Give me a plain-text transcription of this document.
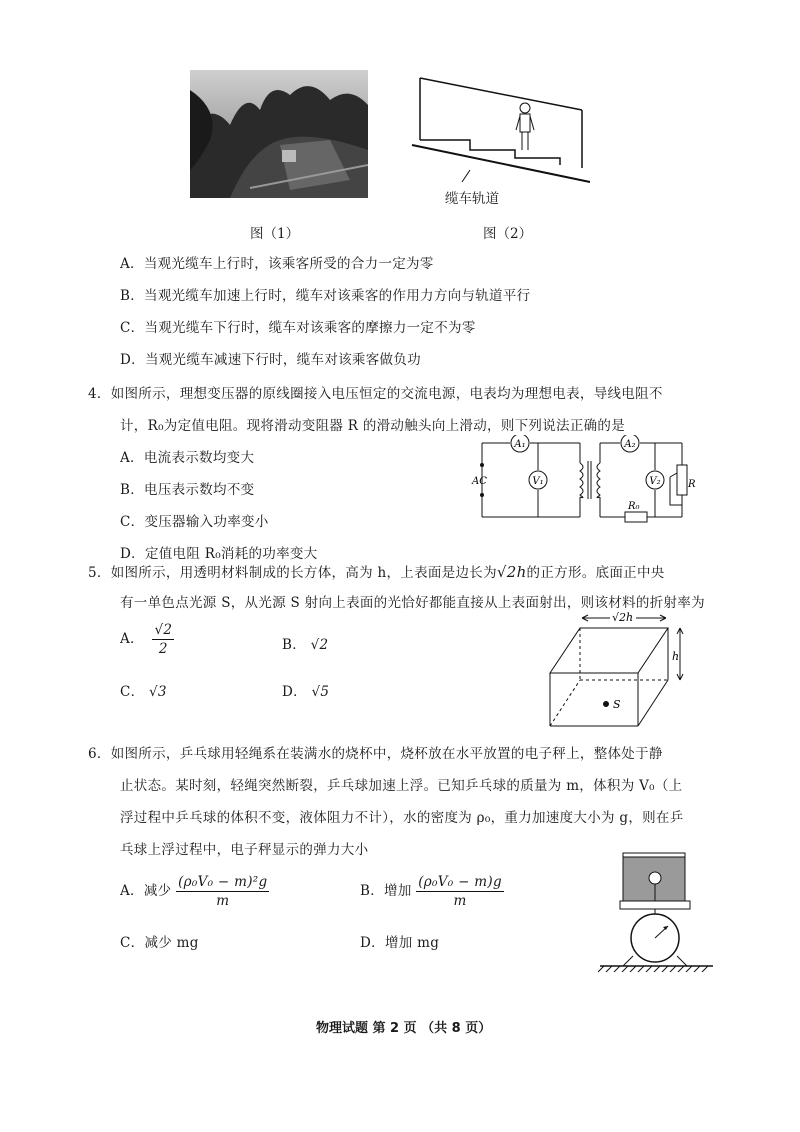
图（1）
缆车轨道
图（2）
A．当观光缆车上行时，该乘客所受的合力一定为零
B．当观光缆车加速上行时，缆车对该乘客的作用力方向与轨道平行
C．当观光缆车下行时，缆车对该乘客的摩擦力一定不为零
D．当观光缆车减速下行时，缆车对该乘客做负功
4．如图所示，理想变压器的原线圈接入电压恒定的交流电源，电表均为理想电表，导线电阻不
计，R₀为定值电阻。现将滑动变阻器 R 的滑动触头向上滑动，则下列说法正确的是
A．电流表示数均变大
B．电压表示数均不变
C．变压器输入功率变小
D．定值电阻 R₀消耗的功率变大
A₁
V₁
AC
A₂
R₀
V₂	R
5．如图所示，用透明材料制成的长方体，高为 h，上表面是边长为√2h的正方形。底面正中央
有一单色点光源 S，从光源 S 射向上表面的光恰好都能直接从上表面射出，则该材料的折射率为
A． $\frac{√2}{2}$	B． √2
C． √3	D． √5
√2h
h
S
6．如图所示，乒乓球用轻绳系在装满水的烧杯中，烧杯放在水平放置的电子秤上，整体处于静
止状态。某时刻，轻绳突然断裂，乒乓球加速上浮。已知乒乓球的质量为 m，体积为 V₀（上
浮过程中乒乓球的体积不变，液体阻力不计），水的密度为 ρ₀，重力加速度大小为 g，则在乒
乓球上浮过程中，电子秤显示的弹力大小
A．减少 $\frac{\text{(ρ₀V₀ − m)²g}}{m}$	B．增加 $\frac{\text{(ρ₀V₀ − m)g}}{m}$
C．减少 mg	D．增加 mg
物理试题 第 2 页 （共 8 页）
